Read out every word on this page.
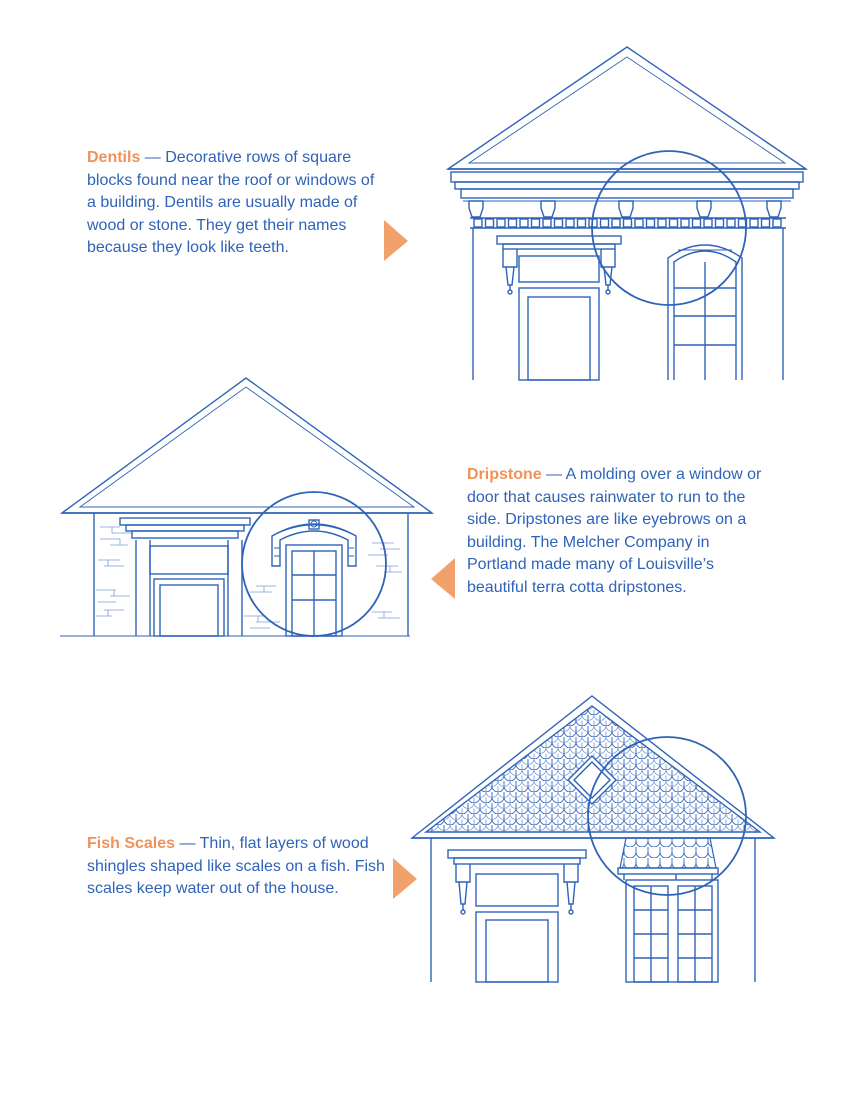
Dentils — Decorative rows of square blocks found near the roof or windows of a building. Dentils are usually made of wood or stone. They get their names because they look like teeth.

Dripstone — A molding over a window or door that causes rainwater to run to the side. Dripstones are like eyebrows on a building. The Melcher Company in Portland made many of Louisville’s beautiful terra cotta dripstones.

Fish Scales — Thin, flat layers of wood shingles shaped like scales on a fish. Fish scales keep water out of the house.
